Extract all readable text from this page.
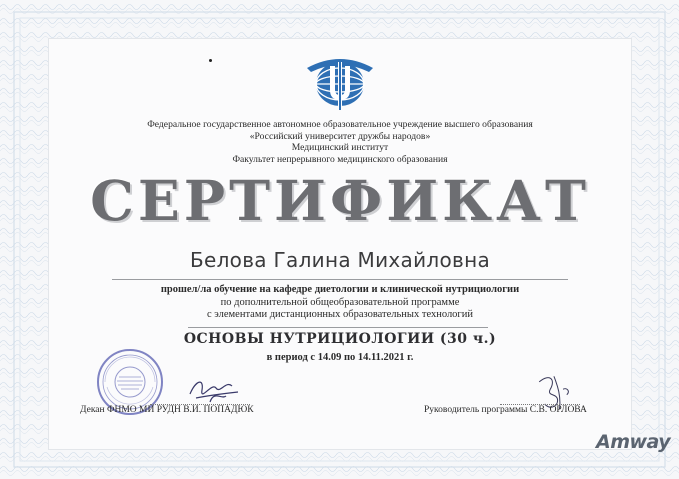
Федеральное государственное автономное образовательное учреждение высшего образования
«Российский университет дружбы народов»
Медицинский институт
Факультет непрерывного медицинского образования
СЕРТИФИКАТ
Белова Галина Михайловна
прошел/ла обучение на кафедре диетологии и клинической нутрициологии
по дополнительной общеобразовательной программе
с элементами дистанционных образовательных технологий
ОСНОВЫ НУТРИЦИОЛОГИИ (30 ч.)
в период с 14.09 по 14.11.2021 г.
Декан ФНМО МИ РУДН В.И. ПОПАДЮК	Руководитель программы С.В. ОРЛОВА
Amway
